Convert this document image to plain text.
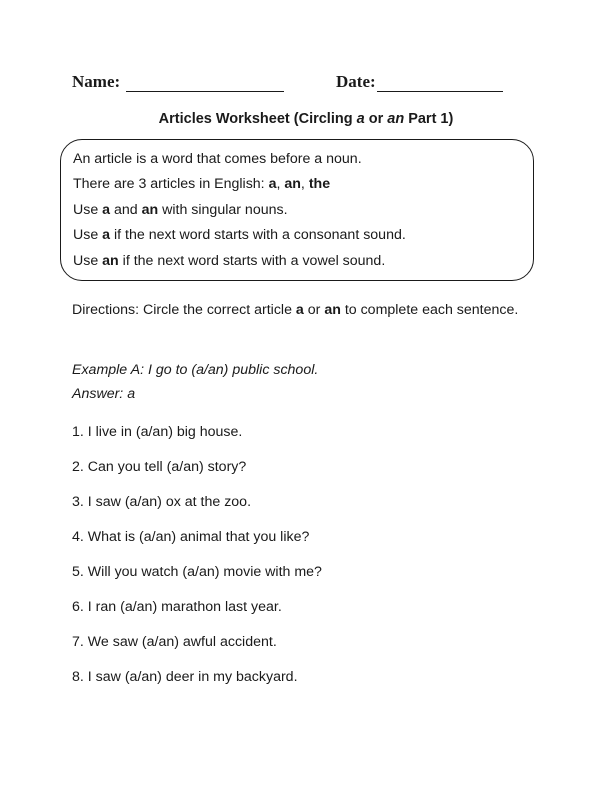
Name:	Date:
Articles Worksheet (Circling a or an Part 1)
An article is a word that comes before a noun.
There are 3 articles in English: a, an, the
Use a and an with singular nouns.
Use a if the next word starts with a consonant sound.
Use an if the next word starts with a vowel sound.
Directions: Circle the correct article a or an to complete each sentence.
Example A: I go to (a/an) public school.
Answer: a
1. I live in (a/an) big house.
2. Can you tell (a/an) story?
3. I saw (a/an) ox at the zoo.
4. What is (a/an) animal that you like?
5. Will you watch (a/an) movie with me?
6. I ran (a/an) marathon last year.
7. We saw (a/an) awful accident.
8. I saw (a/an) deer in my backyard.
